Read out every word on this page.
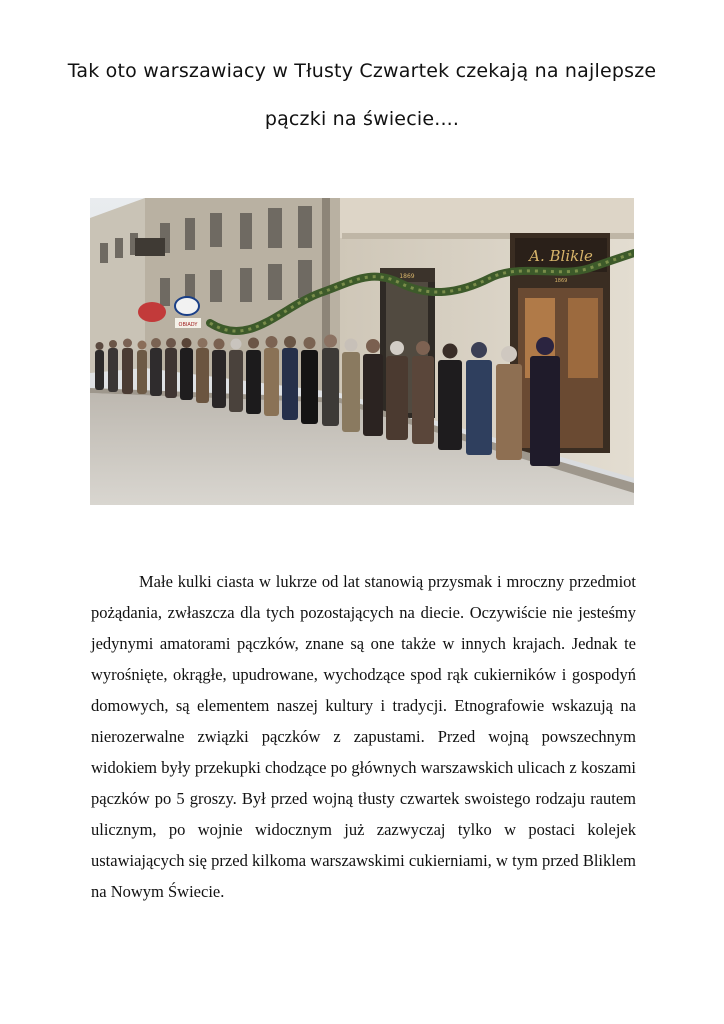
Tak oto warszawiacy w Tłusty Czwartek czekają na najlepsze
pączki na świecie....
A. Blikle
1869
1869
OBIADY

Małe kulki ciasta w lukrze od lat stanowią przysmak i mroczny przedmiot pożądania, zwłaszcza dla tych pozostających na diecie. Oczywiście nie jesteśmy jedynymi amatorami pączków, znane są one także w innych krajach. Jednak te wyrośnięte, okrągłe, upudrowane, wychodzące spod rąk cukierników i gospodyń domowych, są elementem naszej kultury i tradycji. Etnografowie wskazują na nierozerwalne związki pączków z zapustami. Przed wojną powszechnym widokiem były przekupki chodzące po głównych warszawskich ulicach z koszami pączków po 5 groszy. Był przed wojną tłusty czwartek swoistego rodzaju rautem ulicznym, po wojnie widocznym już zazwyczaj tylko w postaci kolejek ustawiających się przed kilkoma warszawskimi cukierniami, w tym przed Bliklem na Nowym Świecie.
